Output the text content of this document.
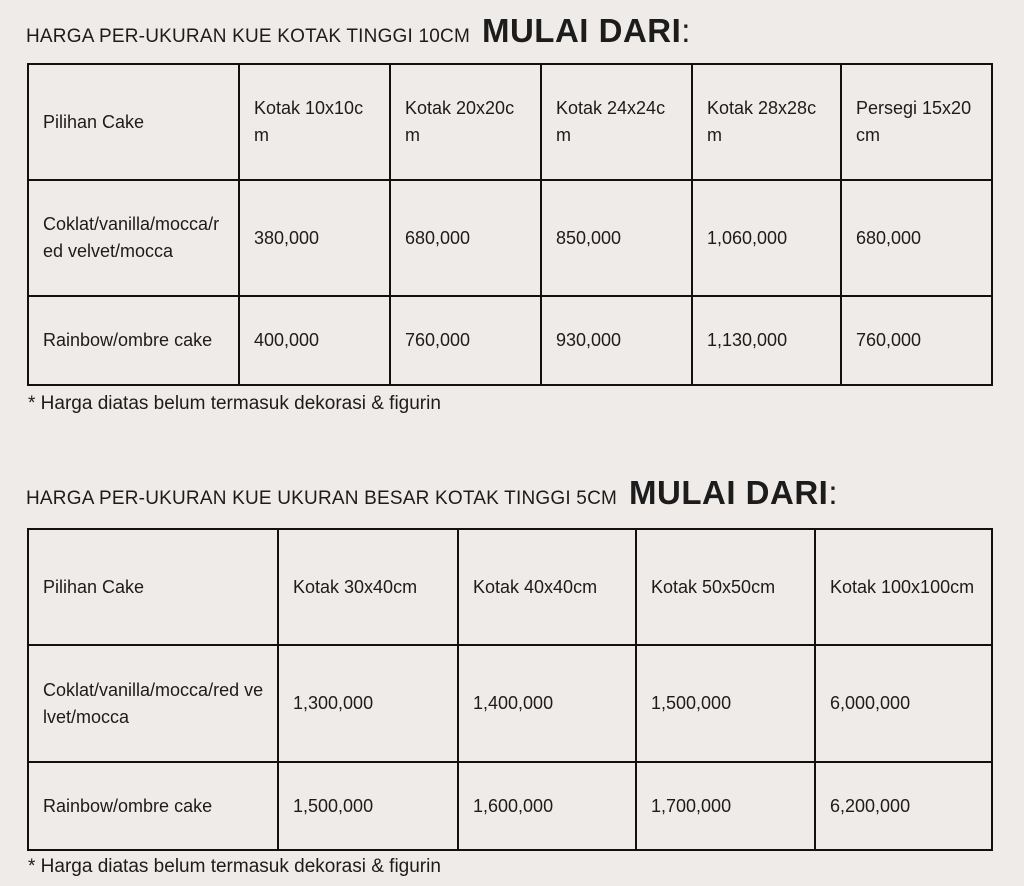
HARGA PER-UKURAN KUE KOTAK TINGGI 10CM MULAI DARI :
Pilihan Cake	Kotak 10x10cm	Kotak 20x20cm	Kotak 24x24cm	Kotak 28x28cm	Persegi 15x20cm
Coklat/vanilla/mocca/red velvet/mocca	380,000	680,000	850,000	1,060,000	680,000
Rainbow/ombre cake	400,000	760,000	930,000	1,130,000	760,000
* Harga diatas belum termasuk dekorasi & figurin
HARGA PER-UKURAN KUE UKURAN BESAR KOTAK TINGGI 5CM MULAI DARI :
Pilihan Cake	Kotak 30x40cm	Kotak 40x40cm	Kotak 50x50cm	Kotak 100x100cm
Coklat/vanilla/mocca/red velvet/mocca	1,300,000	1,400,000	1,500,000	6,000,000
Rainbow/ombre cake	1,500,000	1,600,000	1,700,000	6,200,000
* Harga diatas belum termasuk dekorasi & figurin
